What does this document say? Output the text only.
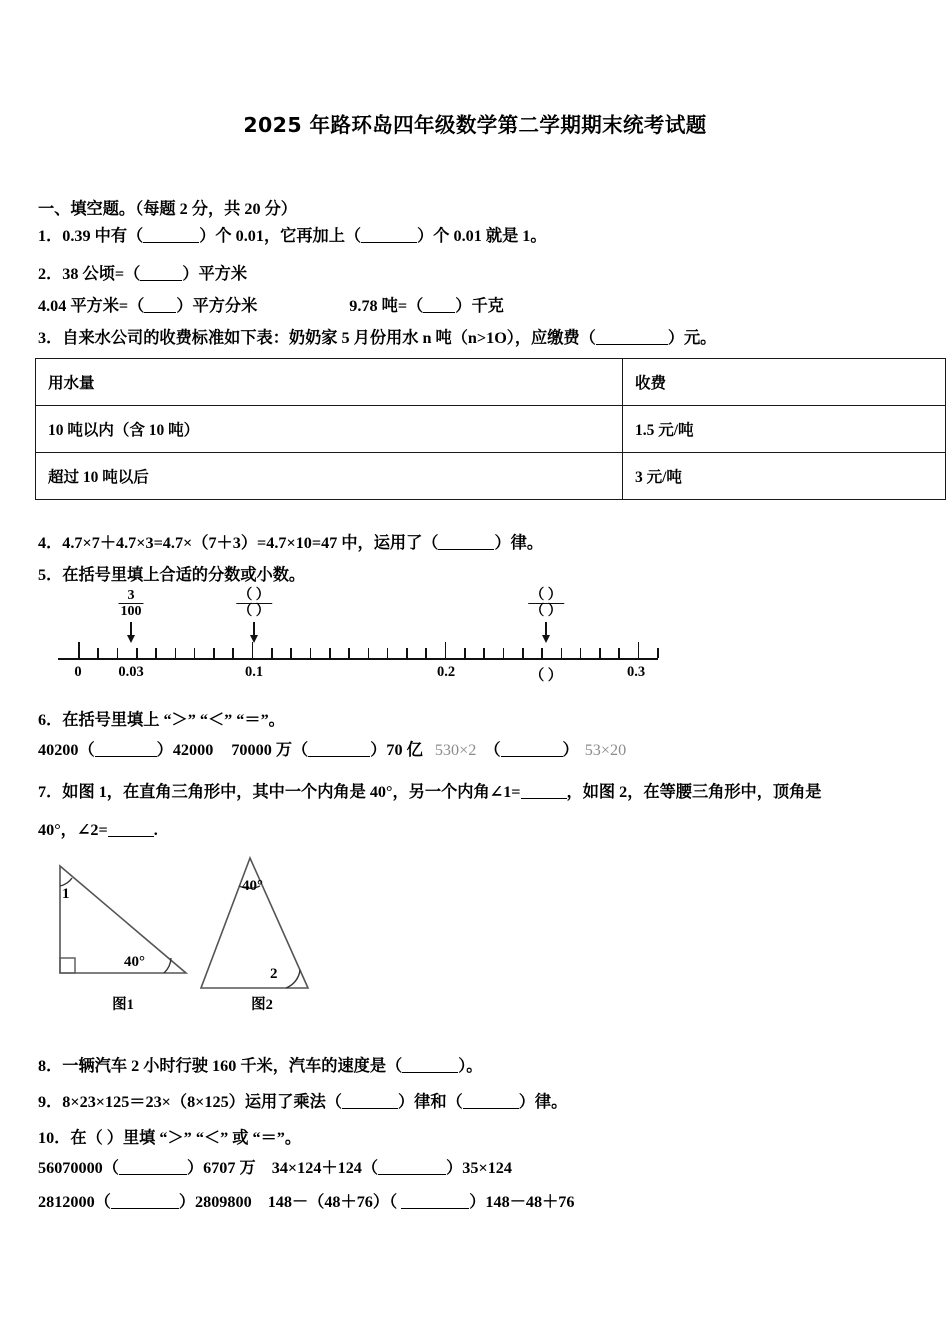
2025 年路环岛四年级数学第二学期期末统考试题
一、填空题。（每题 2 分，共 20 分）
1．0.39 中有（	）个 0.01，它再加上（	）个 0.01 就是 1。
2．38 公顷=（	）平方米
4.04 平方米=（ ）平方分米	9.78 吨=（ ）千克
3．自来水公司的收费标准如下表：奶奶家 5 月份用水 n 吨（n>1O），应缴费（	）元。
用水量	收费
10 吨以内（含 10 吨）	1.5 元/吨
超过 10 吨以后	3 元/吨
4．4.7×7＋4.7×3=4.7×（7＋3）=4.7×10=47 中，运用了（	）律。
5．在括号里填上合适的分数或小数。
0	0.03	0.1	0.2	（ ）	0.3
$\frac{3}{100}$	（ ）
（ ）
（ ）
（ ）
6．在括号里填上 “＞” “＜” “＝”。
40200（	）42000 70000 万（	）70 亿 530×2 （	） 53×20
7．如图 1，在直角三角形中，其中一个内角是 40°，另一个内角∠1=	，如图 2，在等腰三角形中，顶角是
40°，∠2=	.
1
40°
40°
2
图1	图2
8．一辆汽车 2 小时行驶 160 千米，汽车的速度是（	）。
9．8×23×125＝23×（8×125）运用了乘法（	）律和（	）律。
10．在（ ）里填 “＞” “＜” 或 “＝”。
56070000（	）6707 万 34×124＋124（	）35×124
2812000（	）2809800 148－（48＋76）（	）148－48＋76
